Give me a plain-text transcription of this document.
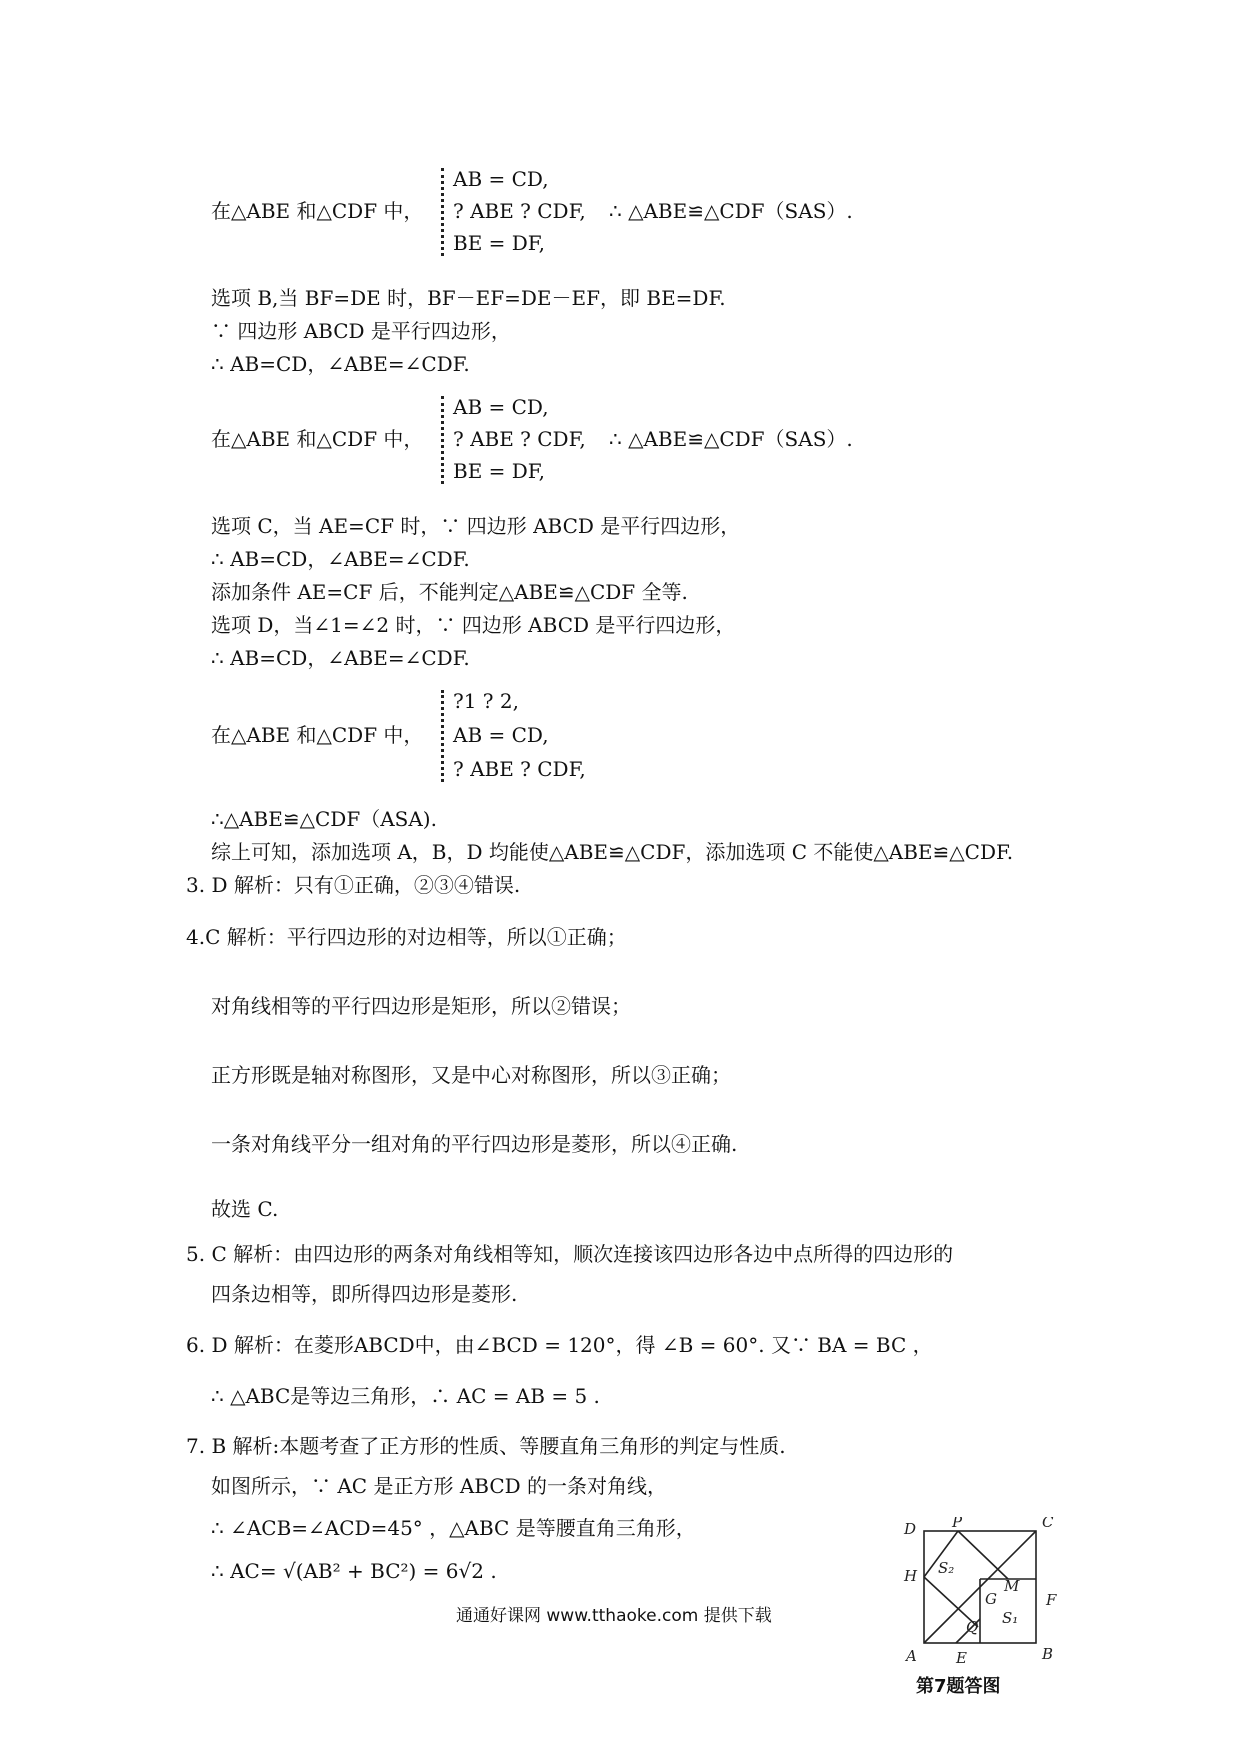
在△ABE 和△CDF 中，
AB = CD,
? ABE ? CDF,
BE = DF,
∴ △ABE≌△CDF（SAS）.
选项 B,当 BF=DE 时，BF－EF=DE－EF，即 BE=DF.
∵ 四边形 ABCD 是平行四边形，
∴ AB=CD，∠ABE=∠CDF.
在△ABE 和△CDF 中，
AB = CD,
? ABE ? CDF,
BE = DF,
∴ △ABE≌△CDF（SAS）.
选项 C，当 AE=CF 时，∵ 四边形 ABCD 是平行四边形，
∴ AB=CD，∠ABE=∠CDF.
添加条件 AE=CF 后，不能判定△ABE≌△CDF 全等.
选项 D，当∠1=∠2 时，∵ 四边形 ABCD 是平行四边形，
∴ AB=CD，∠ABE=∠CDF.
在△ABE 和△CDF 中，
?1 ? 2,
AB = CD,
? ABE ? CDF,
∴△ABE≌△CDF（ASA).
综上可知，添加选项 A，B，D 均能使△ABE≌△CDF，添加选项 C 不能使△ABE≌△CDF.
3. D 解析：只有①正确，②③④错误.
4.C 解析：平行四边形的对边相等，所以①正确；
对角线相等的平行四边形是矩形，所以②错误；
正方形既是轴对称图形，又是中心对称图形，所以③正确；
一条对角线平分一组对角的平行四边形是菱形，所以④正确.
故选 C.
5. C 解析：由四边形的两条对角线相等知，顺次连接该四边形各边中点所得的四边形的
四条边相等，即所得四边形是菱形.
6. D 解析：在菱形ABCD中，由∠BCD = 120°，得 ∠B = 60°. 又∵ BA = BC ，
∴ △ABC是等边三角形，∴ AC = AB = 5 .
7. B 解析:本题考查了正方形的性质、等腰直角三角形的判定与性质.
如图所示，∵ AC 是正方形 ABCD 的一条对角线，
∴ ∠ACB=∠ACD=45° ，△ABC 是等腰直角三角形，
∴ AC= √(AB² + BC²) = 6√2 .
D P	C
H S₂
M
F
G
Q S₁
A	E	B
第7题答图
通通好课网 www.tthaoke.com 提供下载
